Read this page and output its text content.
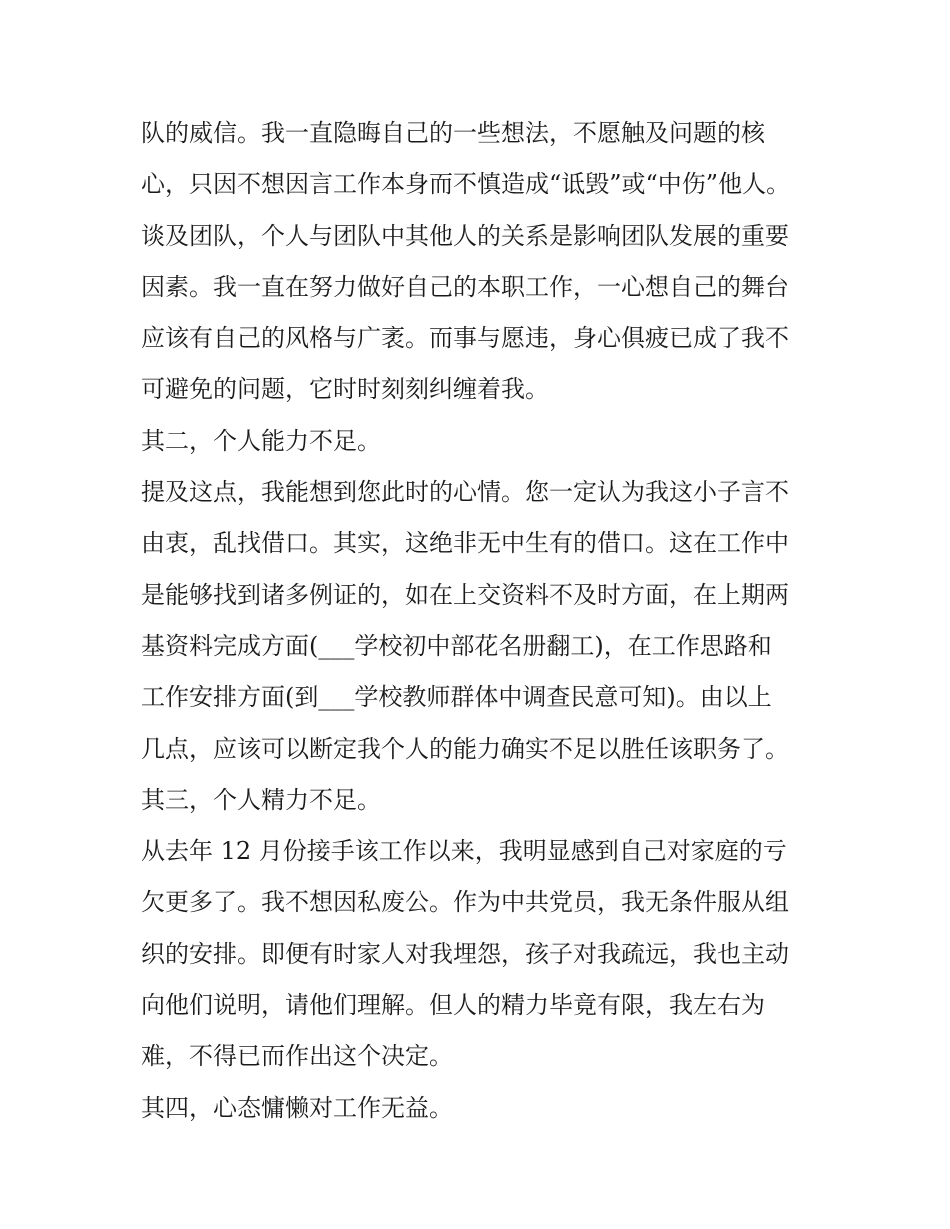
队的威信。我一直隐晦自己的一些想法，不愿触及问题的核
心，只因不想因言工作本身而不慎造成“诋毁”或“中伤”他人。
谈及团队，个人与团队中其他人的关系是影响团队发展的重要
因素。我一直在努力做好自己的本职工作，一心想自己的舞台
应该有自己的风格与广袤。而事与愿违，身心俱疲已成了我不
可避免的问题，它时时刻刻纠缠着我。
其二，个人能力不足。
提及这点，我能想到您此时的心情。您一定认为我这小子言不
由衷，乱找借口。其实，这绝非无中生有的借口。这在工作中
是能够找到诸多例证的，如在上交资料不及时方面，在上期两
基资料完成方面(___学校初中部花名册翻工)，在工作思路和
工作安排方面(到___学校教师群体中调查民意可知)。由以上
几点，应该可以断定我个人的能力确实不足以胜任该职务了。
其三，个人精力不足。
从去年 12 月份接手该工作以来，我明显感到自己对家庭的亏
欠更多了。我不想因私废公。作为中共党员，我无条件服从组
织的安排。即便有时家人对我埋怨，孩子对我疏远，我也主动
向他们说明，请他们理解。但人的精力毕竟有限，我左右为
难，不得已而作出这个决定。
其四，心态慵懒对工作无益。
